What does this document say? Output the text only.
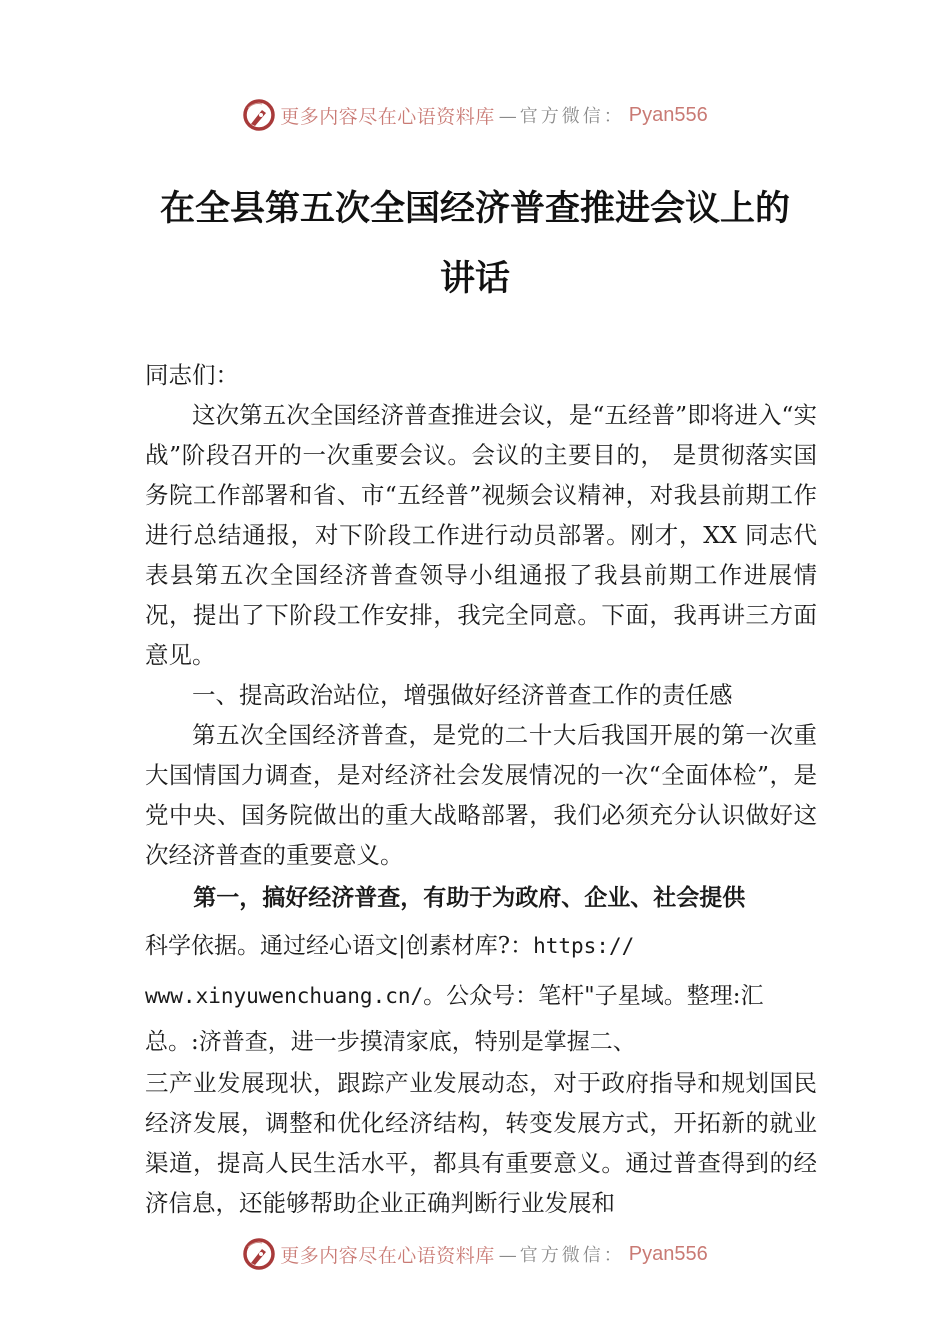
更多内容尽在心语资料库 —官方微信： Pyan556
在全县第五次全国经济普查推进会议上的
讲话

同志们：

这次第五次全国经济普查推进会议，是“五经普”即将进入“实战”阶段召开的一次重要会议。会议的主要目的， 是贯彻落实国务院工作部署和省、市“五经普”视频会议精神，对我县前期工作进行总结通报，对下阶段工作进行动员部署。刚才，XX 同志代表县第五次全国经济普查领导小组通报了我县前期工作进展情况，提出了下阶段工作安排，我完全同意。下面，我再讲三方面意见。

一、提高政治站位，增强做好经济普查工作的责任感

第五次全国经济普查，是党的二十大后我国开展的第一次重大国情国力调查，是对经济社会发展情况的一次“全面体检”，是党中央、国务院做出的重大战略部署，我们必须充分认识做好这次经济普查的重要意义。

第一，搞好经济普查，有助于为政府、企业、社会提供

科学依据。通过经心语文|创素材库?：https://

www.xinyuwenchuang.cn/。公众号：笔杆"子星域。整理:汇

总。:济普查，进一步摸清家底，特别是掌握二、

三产业发展现状，跟踪产业发展动态，对于政府指导和规划国民经济发展，调整和优化经济结构，转变发展方式，开拓新的就业渠道，提高人民生活水平，都具有重要意义。通过普查得到的经济信息，还能够帮助企业正确判断行业发展和

更多内容尽在心语资料库 —官方微信： Pyan556
